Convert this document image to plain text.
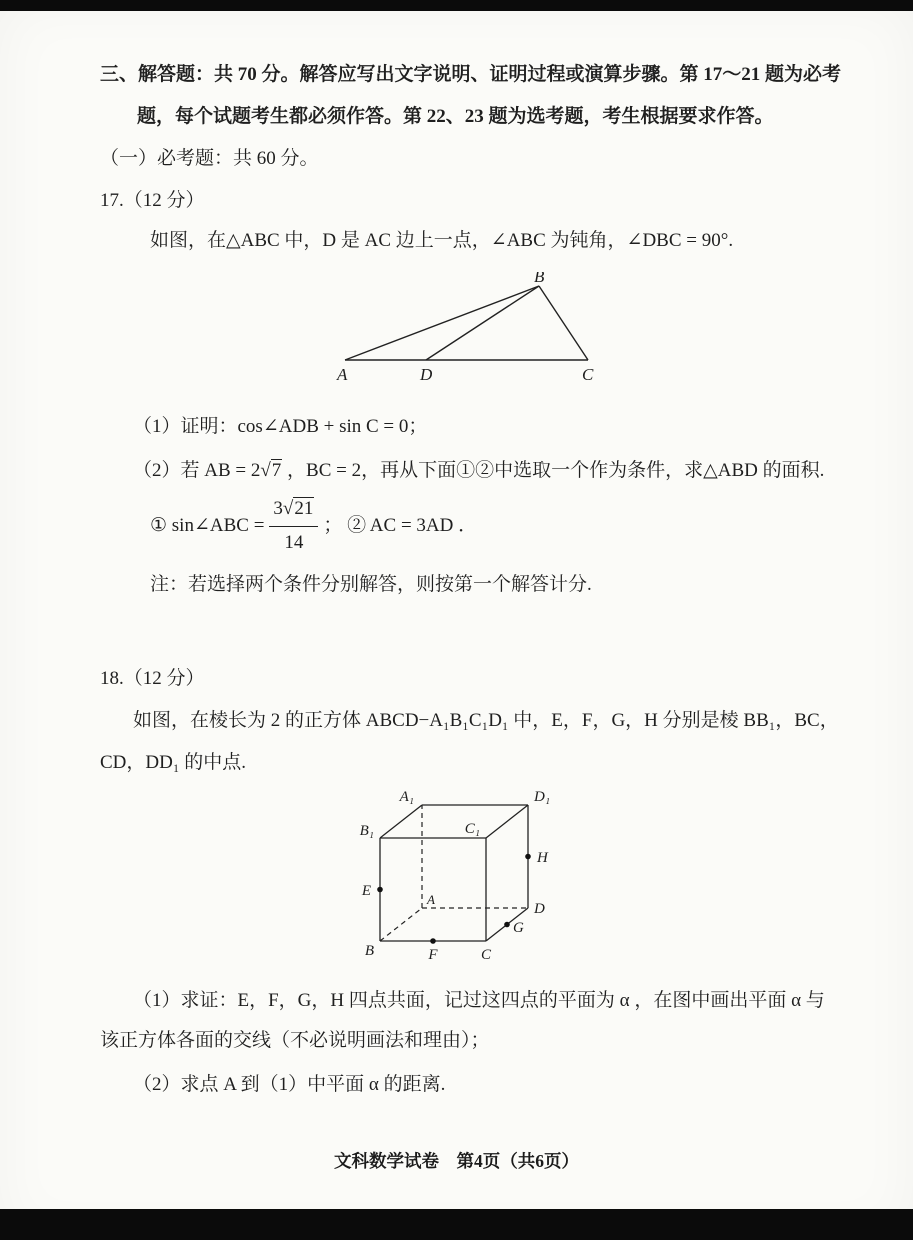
三、解答题：共 70 分。解答应写出文字说明、证明过程或演算步骤。第 17～21 题为必考
题，每个试题考生都必须作答。第 22、23 题为选考题，考生根据要求作答。
（一）必考题：共 60 分。
17.（12 分）
如图，在△ABC 中，D 是 AC 边上一点，∠ABC 为钝角，∠DBC = 90°.
B
A	D	C
（1）证明：cos∠ADB + sin C = 0；
（2）若 AB = 2√7 ，BC = 2，再从下面①②中选取一个作为条件，求△ABD 的面积.
① sin∠ABC = $\frac{3√21}{14}$ ； ② AC = 3AD ．
注：若选择两个条件分别解答，则按第一个解答计分.
18.（12 分）
如图，在棱长为 2 的正方体 ABCD−A₁B₁C₁D₁ 中，E，F，G，H 分别是棱 BB₁，BC，
CD，DD₁ 的中点.
A₁	D₁
B₁	C₁
E
H
A
D
G
B	C
F
（1）求证：E，F，G，H 四点共面，记过这四点的平面为 α ，在图中画出平面 α 与
该正方体各面的交线（不必说明画法和理由）；
（2）求点 A 到（1）中平面 α 的距离.
文科数学试卷　第4页（共6页）
